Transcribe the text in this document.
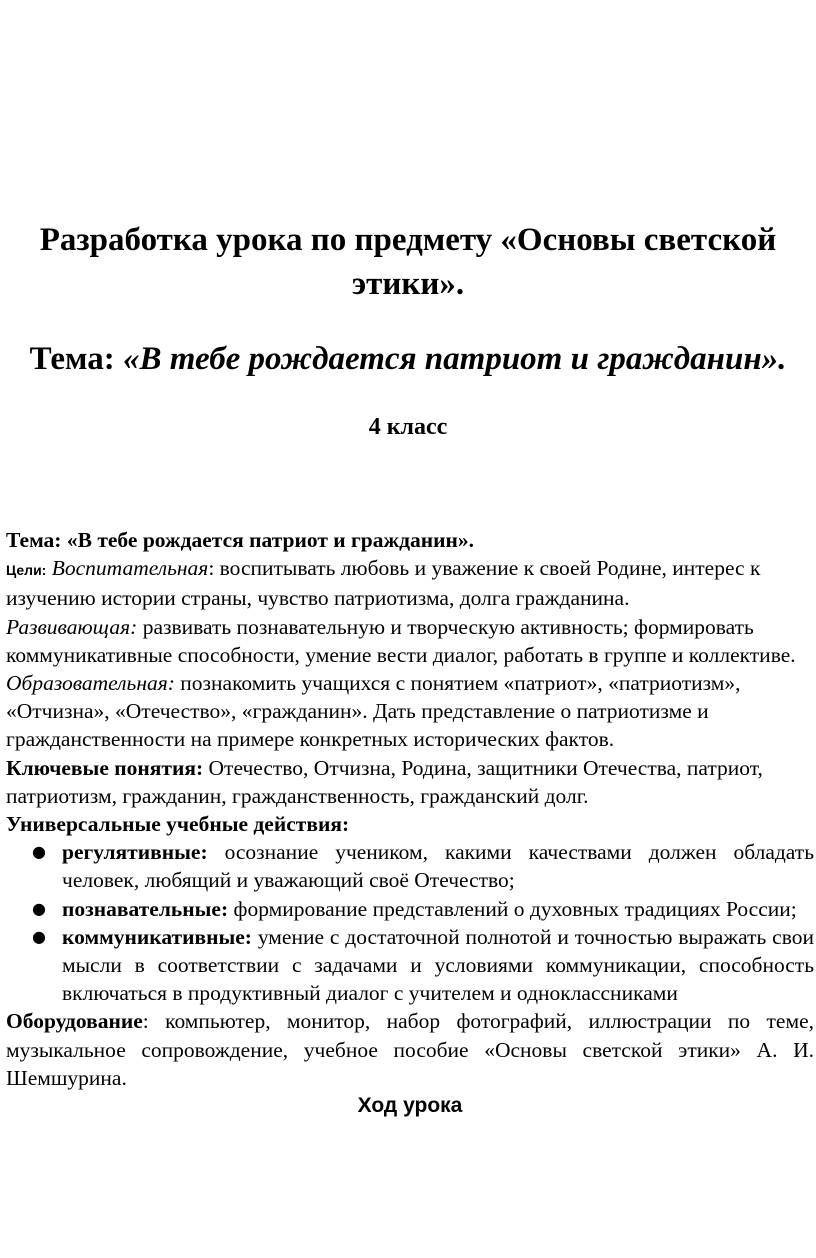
Разработка урока по предмету «Основы светской

этики».

Тема: «В тебе рождается патриот и гражданин».
4 класс

Тема: «В тебе рождается патриот и гражданин».

Цели: Воспитательная: воспитывать любовь и уважение к своей Родине, интерес к изучению истории страны, чувство патриотизма, долга гражданина.

Развивающая: развивать познавательную и творческую активность; формировать коммуникативные способности, умение вести диалог, работать в группе и коллективе.

Образовательная: познакомить учащихся с понятием «патриот», «патриотизм», «Отчизна», «Отечество», «гражданин». Дать представление о патриотизме и гражданственности на примере конкретных исторических фактов.

Ключевые понятия: Отечество, Отчизна, Родина, защитники Отечества, патриот, патриотизм, гражданин, гражданственность, гражданский долг.

Универсальные учебные действия:

● регулятивные: осознание учеником, какими качествами должен обладать человек, любящий и уважающий своё Отечество;
● познавательные: формирование представлений о духовных традициях России;
● коммуникативные: умение с достаточной полнотой и точностью выражать свои мысли в соответствии с задачами и условиями коммуникации, способность включаться в продуктивный диалог с учителем и одноклассниками

Оборудование: компьютер, монитор, набор фотографий, иллюстрации по теме, музыкальное сопровождение, учебное пособие «Основы светской этики» А. И. Шемшурина.

Ход урока
